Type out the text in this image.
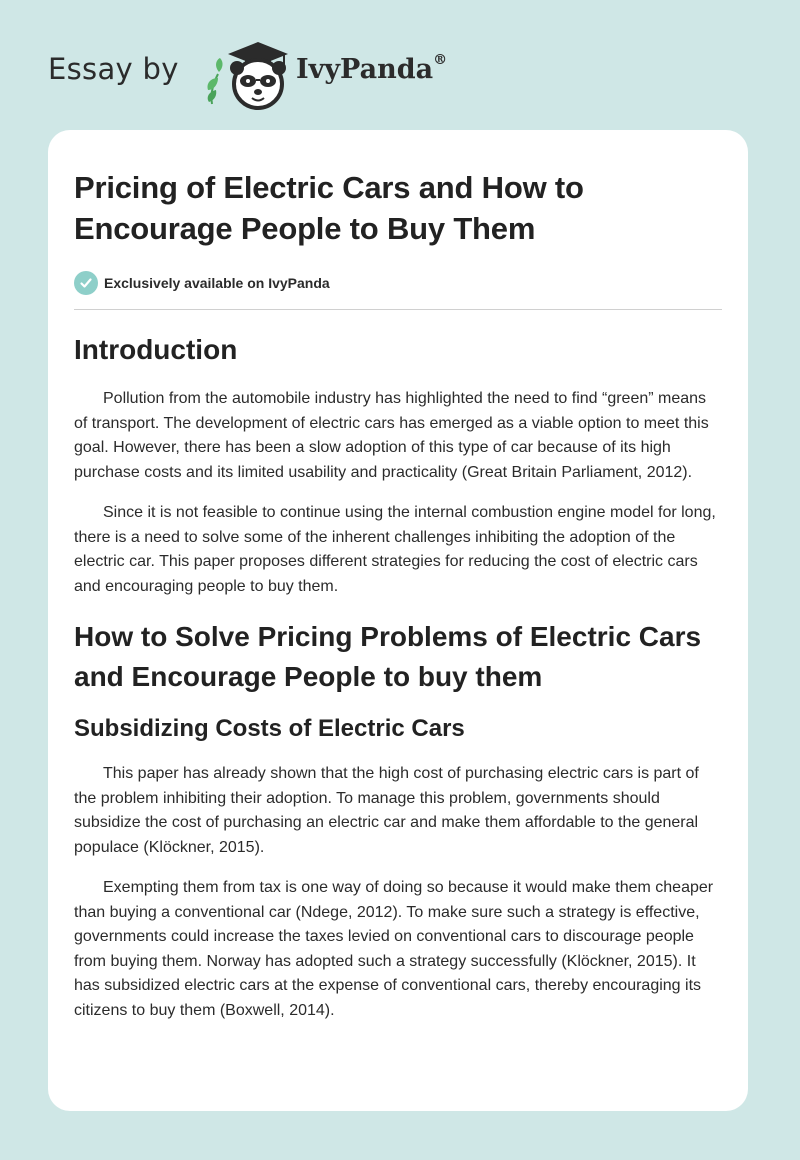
Essay by	IvyPanda®
Pricing of Electric Cars and How to Encourage People to Buy Them
Exclusively available on IvyPanda
Introduction

Pollution from the automobile industry has highlighted the need to find “green” means of transport. The development of electric cars has emerged as a viable option to meet this goal. However, there has been a slow adoption of this type of car because of its high purchase costs and its limited usability and practicality (Great Britain Parliament, 2012).

Since it is not feasible to continue using the internal combustion engine model for long, there is a need to solve some of the inherent challenges inhibiting the adoption of the electric car. This paper proposes different strategies for reducing the cost of electric cars and encouraging people to buy them.

How to Solve Pricing Problems of Electric Cars and Encourage People to buy them
Subsidizing Costs of Electric Cars

This paper has already shown that the high cost of purchasing electric cars is part of the problem inhibiting their adoption. To manage this problem, governments should subsidize the cost of purchasing an electric car and make them affordable to the general populace (Klöckner, 2015).

Exempting them from tax is one way of doing so because it would make them cheaper than buying a conventional car (Ndege, 2012). To make sure such a strategy is effective, governments could increase the taxes levied on conventional cars to discourage people from buying them. Norway has adopted such a strategy successfully (Klöckner, 2015). It has subsidized electric cars at the expense of conventional cars, thereby encouraging its citizens to buy them (Boxwell, 2014).
